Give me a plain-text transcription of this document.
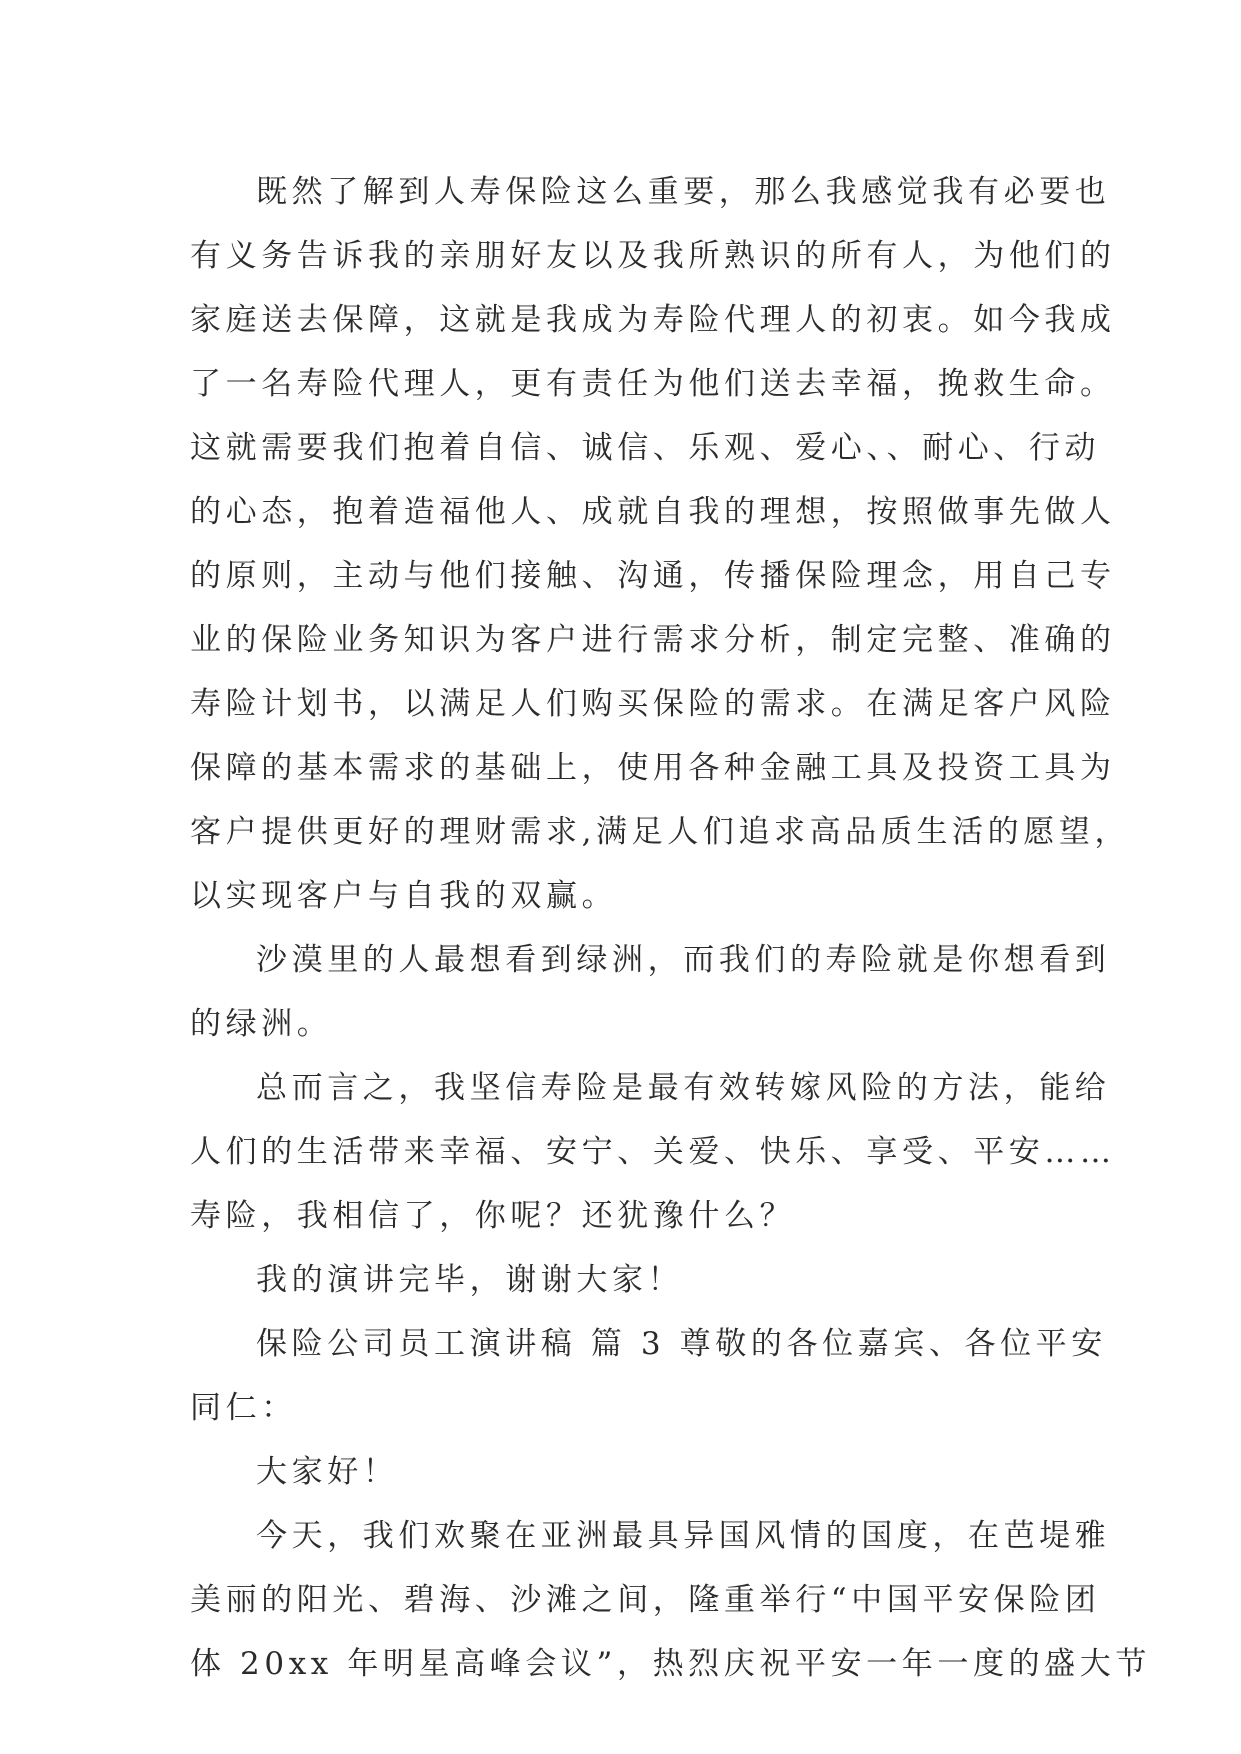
既然了解到人寿保险这么重要，那么我感觉我有必要也
有义务告诉我的亲朋好友以及我所熟识的所有人，为他们的
家庭送去保障，这就是我成为寿险代理人的初衷。如今我成
了一名寿险代理人，更有责任为他们送去幸福，挽救生命。
这就需要我们抱着自信、诚信、乐观、爱心、、耐心、行动
的心态，抱着造福他人、成就自我的理想，按照做事先做人
的原则，主动与他们接触、沟通，传播保险理念，用自己专
业的保险业务知识为客户进行需求分析，制定完整、准确的
寿险计划书，以满足人们购买保险的需求。在满足客户风险
保障的基本需求的基础上，使用各种金融工具及投资工具为
客户提供更好的理财需求,满足人们追求高品质生活的愿望，
以实现客户与自我的双赢。
沙漠里的人最想看到绿洲，而我们的寿险就是你想看到
的绿洲。
总而言之，我坚信寿险是最有效转嫁风险的方法，能给
人们的生活带来幸福、安宁、关爱、快乐、享受、平安……
寿险，我相信了，你呢？还犹豫什么？
我的演讲完毕，谢谢大家！
保险公司员工演讲稿 篇 3 尊敬的各位嘉宾、各位平安
同仁：
大家好！
今天，我们欢聚在亚洲最具异国风情的国度，在芭堤雅
美丽的阳光、碧海、沙滩之间，隆重举行“中国平安保险团
体 20xx 年明星高峰会议”，热烈庆祝平安一年一度的盛大节
